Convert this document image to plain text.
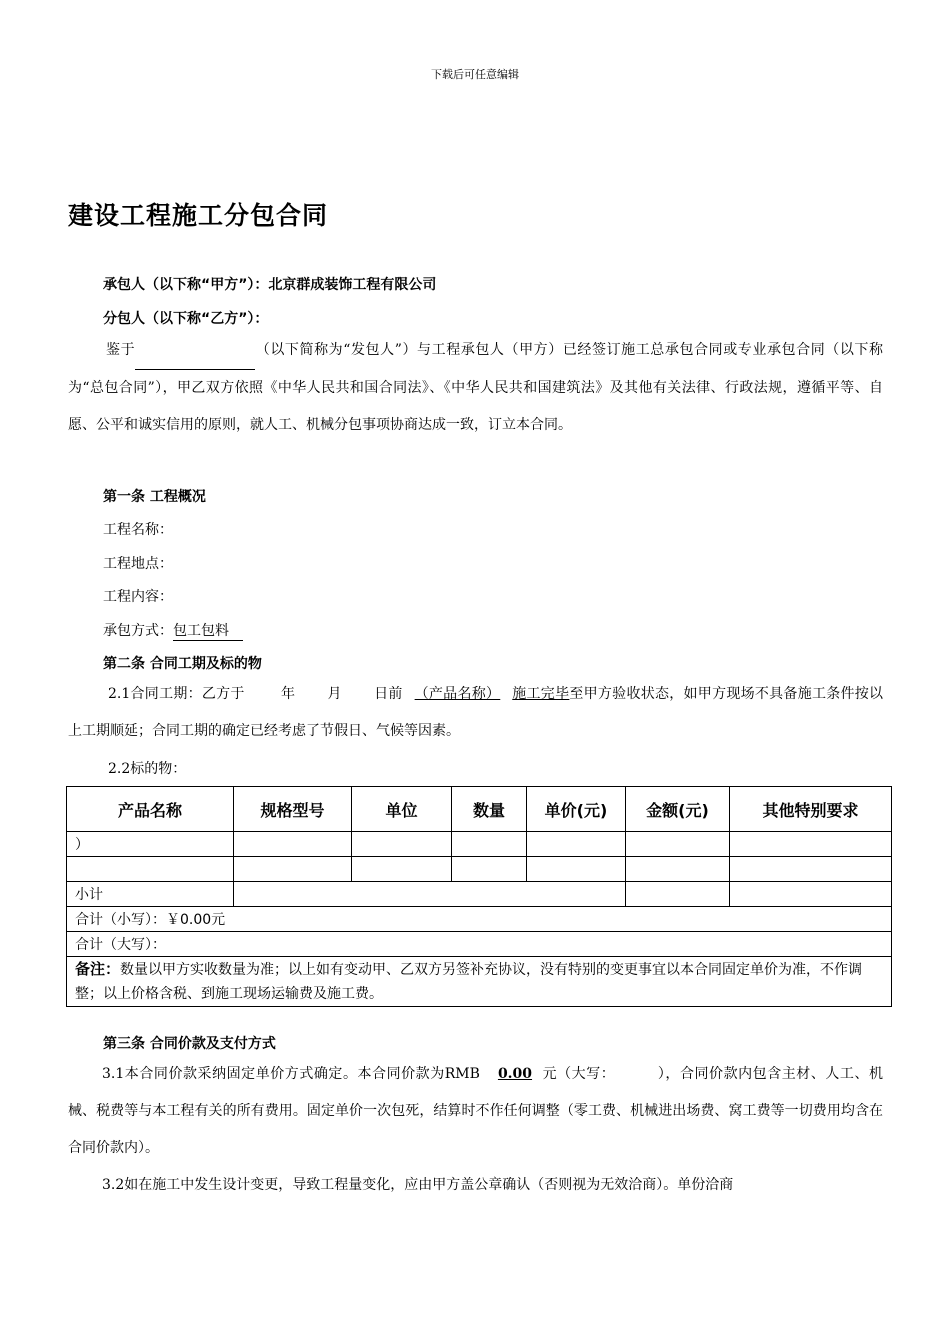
下载后可任意编辑
建设工程施工分包合同
承包人（以下称“甲方”）：北京群成装饰工程有限公司
分包人（以下称“乙方”）：
鉴于	（以下简称为“发包人”）与工程承包人（甲方）已经签订施工总承包合同或专业承包合同（以下称为“总包合同”），甲乙双方依照《中华人民共和国合同法》、《中华人民共和国建筑法》及其他有关法律、行政法规，遵循平等、自愿、公平和诚实信用的原则，就人工、机械分包事项协商达成一致，订立本合同。
第一条 工程概况
工程名称：
工程地点：
工程内容：
承包方式：包工包料
第二条 合同工期及标的物
2.1合同工期：乙方于	年 月 日前 （产品名称） 施工完毕至甲方验收状态，如甲方现场不具备施工条件按以上工期顺延；合同工期的确定已经考虑了节假日、气候等因素。
2.2标的物：
产品名称	规格型号	单位	数量	单价(元)	金额(元)	其他特别要求
）						

小计						
合计（小写）：￥0.00元						
合计（大写）：						
备注：数量以甲方实收数量为准；以上如有变动甲、乙双方另签补充协议，没有特别的变更事宜以本合同固定单价为准，不作调整；以上价格含税、到施工现场运输费及施工费。						
第三条 合同价款及支付方式
3.1本合同价款采纳固定单价方式确定。本合同价款为RMB 0.00 元（大写：	），合同价款内包含主材、人工、机械、税费等与本工程有关的所有费用。固定单价一次包死，结算时不作任何调整（零工费、机械进出场费、窝工费等一切费用均含在合同价款内）。
3.2如在施工中发生设计变更，导致工程量变化，应由甲方盖公章确认（否则视为无效洽商）。单份洽商
